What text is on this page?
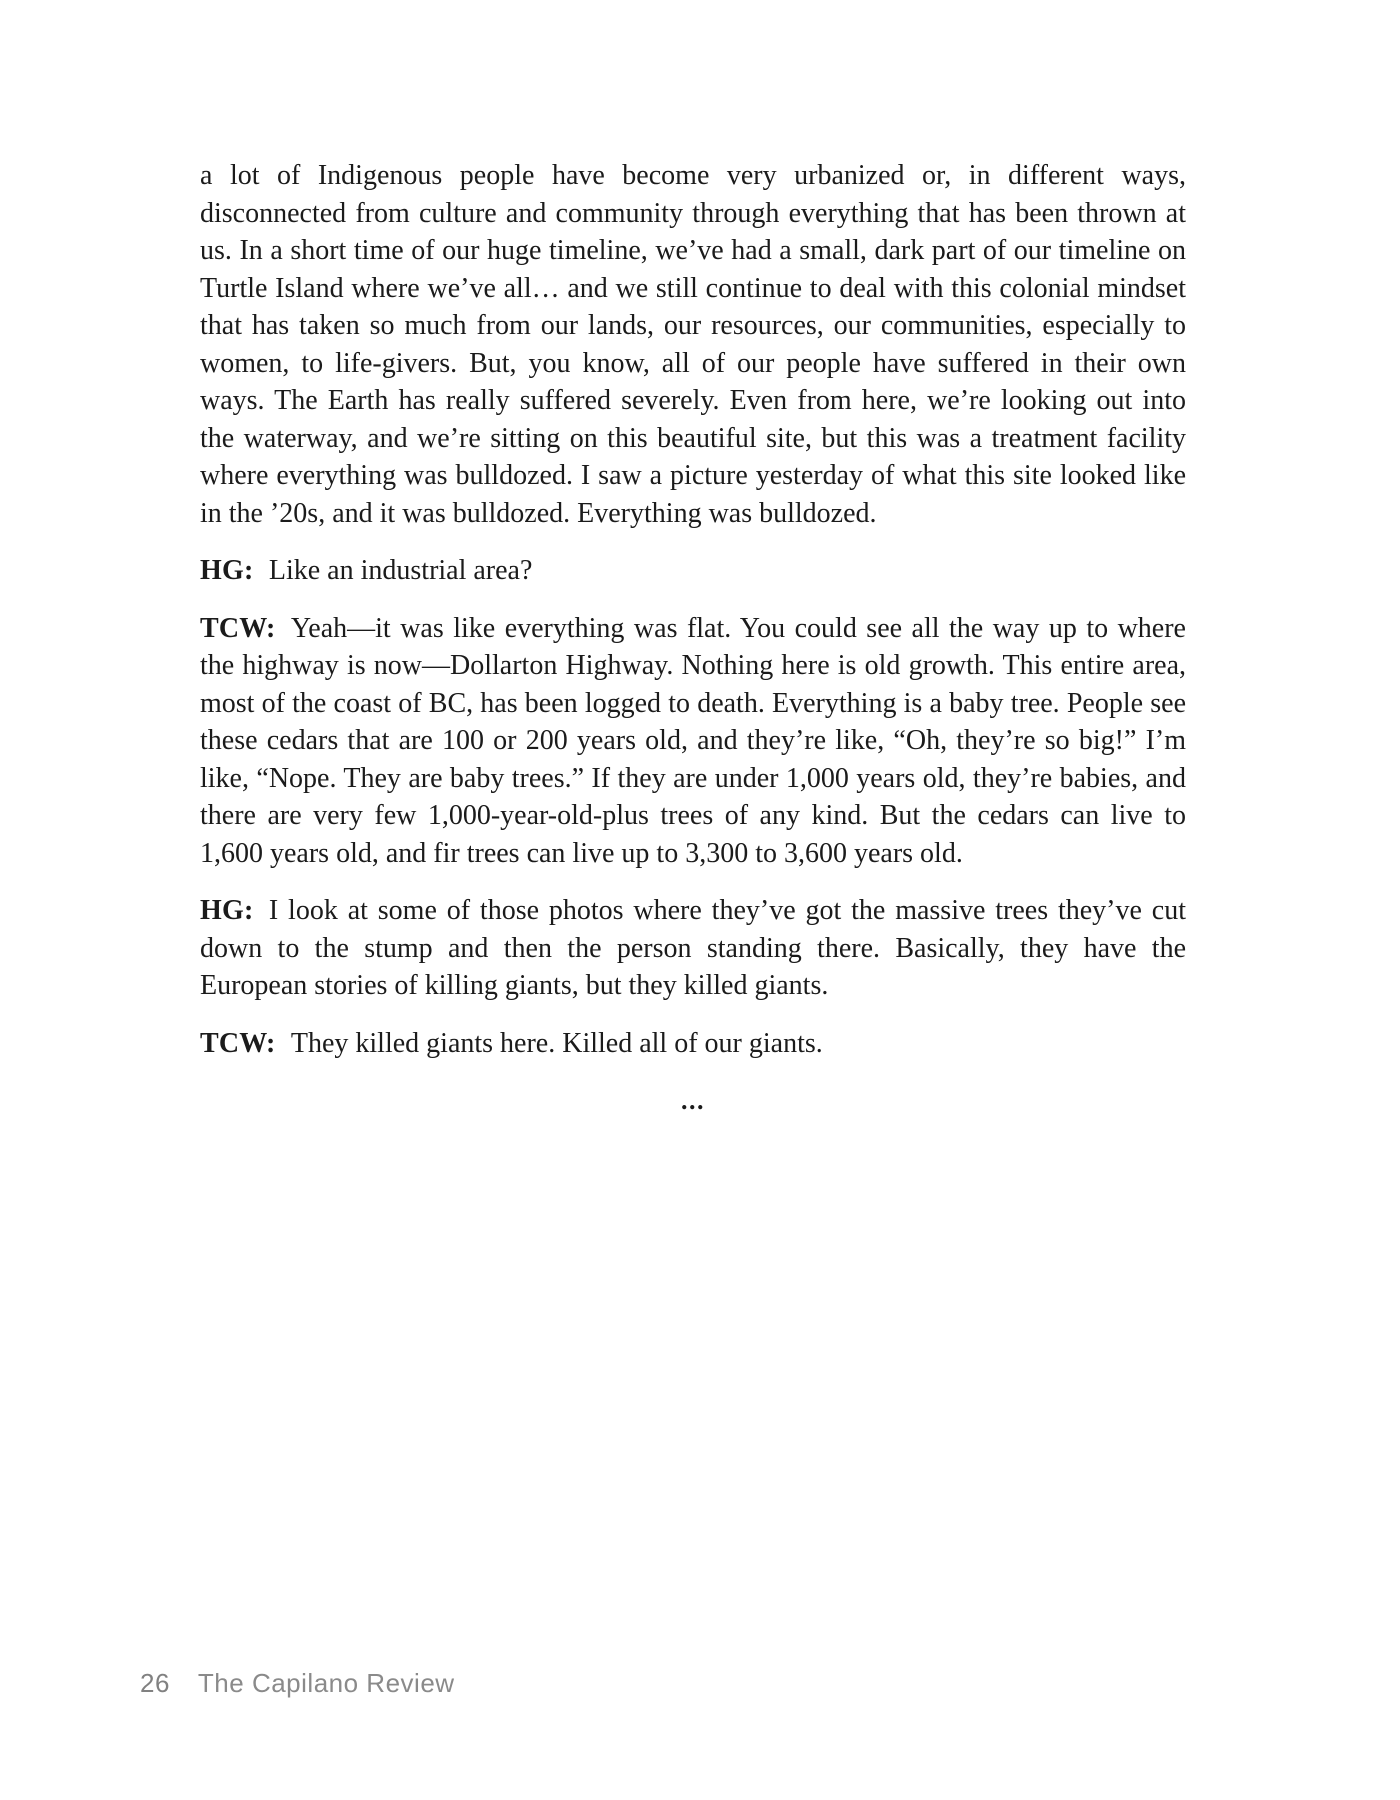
a lot of Indigenous people have become very urbanized or, in different ways, disconnected from culture and community through everything that has been thrown at us. In a short time of our huge timeline, we’ve had a small, dark part of our timeline on Turtle Island where we’ve all… and we still continue to deal with this colonial mindset that has taken so much from our lands, our resources, our communities, especially to women, to life-givers. But, you know, all of our people have suffered in their own ways. The Earth has really suffered severely. Even from here, we’re looking out into the waterway, and we’re sitting on this beautiful site, but this was a treatment facility where everything was bulldozed. I saw a picture yesterday of what this site looked like in the ’20s, and it was bulldozed. Everything was bulldozed.

HG: Like an industrial area?

TCW: Yeah—it was like everything was flat. You could see all the way up to where the highway is now—Dollarton Highway. Nothing here is old growth. This entire area, most of the coast of BC, has been logged to death. Everything is a baby tree. People see these cedars that are 100 or 200 years old, and they’re like, “Oh, they’re so big!” I’m like, “Nope. They are baby trees.” If they are under 1,000 years old, they’re babies, and there are very few 1,000-year-old-plus trees of any kind. But the cedars can live to 1,600 years old, and fir trees can live up to 3,300 to 3,600 years old.

HG: I look at some of those photos where they’ve got the massive trees they’ve cut down to the stump and then the person standing there. Basically, they have the European stories of killing giants, but they killed giants.

TCW: They killed giants here. Killed all of our giants.

...
26 The Capilano Review
